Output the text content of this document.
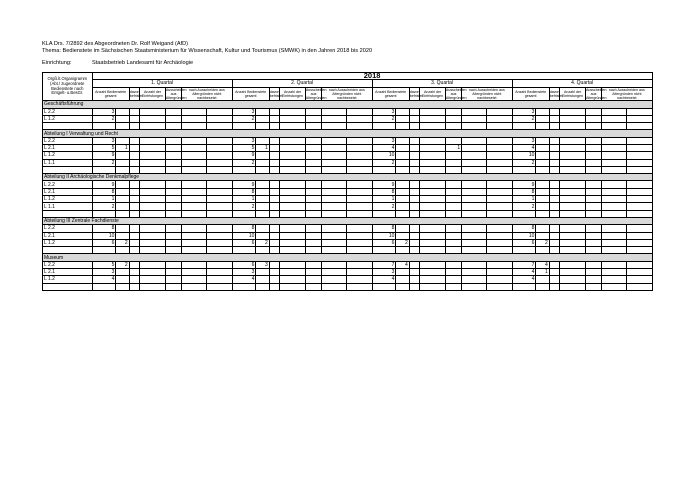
KLA Drs. 7/2892 des Abgeordneten Dr. Rolf Weigand (AfD)
Thema: Bedienstete im Sächsischen Staatsministerium für Wissenschaft, Kultur und Tourismus (SMWK) in den Jahren 2018 bis 2020
Einrichtung:	Staatsbetrieb Landesamt für Archäologie
Orgß.lt.Organigramm (Abt./ zugeordnete Bedienstete nach Entgelt- u.BesGr.	2018																											
	1. Quartal							2. Quartal							3. Quartal							4. Quartal						
	Anzahl Bedienstete gesamt		davon befristet	Anzahl der Einfristungen	Ausscheiden aus Altergründen	nach Ausscheiden aus Altergründen nicht nachbesetzt		Anzahl Bedienstete gesamt		davon befristet	Anzahl der Einfristungen	Ausscheiden aus Altergründen	nach Ausscheiden aus Altergründen nicht nachbesetzt		Anzahl Bedienstete gesamt		davon befristet	Anzahl der Einfristungen	Ausscheiden aus Altergründen	nach Ausscheiden aus Altergründen nicht nachbesetzt		Anzahl Bedienstete gesamt		davon befristet	Anzahl der Einfristungen	Ausscheiden aus Altergründen	nach Ausscheiden aus Altergründen nicht nachbesetzt	
Geschäftsführung																												
L 2.2	3							3							3							3						
L 1.2	2							2							2							2						

Abteilung I Verwaltung und Recht																												
L 2.2	3							3							3							3						
L 2.1	5	1						5	1						4				1			4						
L 1.2	9							9							10							10						
L 1.1	2							2							2							2						

Abteilung II Archäologische Denkmalpflege																												
L 2.2	9							9							9							9						
L 2.1	8							8							8							8						
L 1.2	1							1							1							1						
L 1.1	2							2							2							2						

Abteilung III Zentrale Fachdienste																												
L 2.2	8							8							8							8						
L 2.1	10							10							10							10						
L 1.2	6	2						6	2						6	2						6	2					

Museum																												
L 2.2	5	2						6	3						7	4						7	4					
L 2.1	3							3							3							4	1					
L 1.2	4							4							4							4						
